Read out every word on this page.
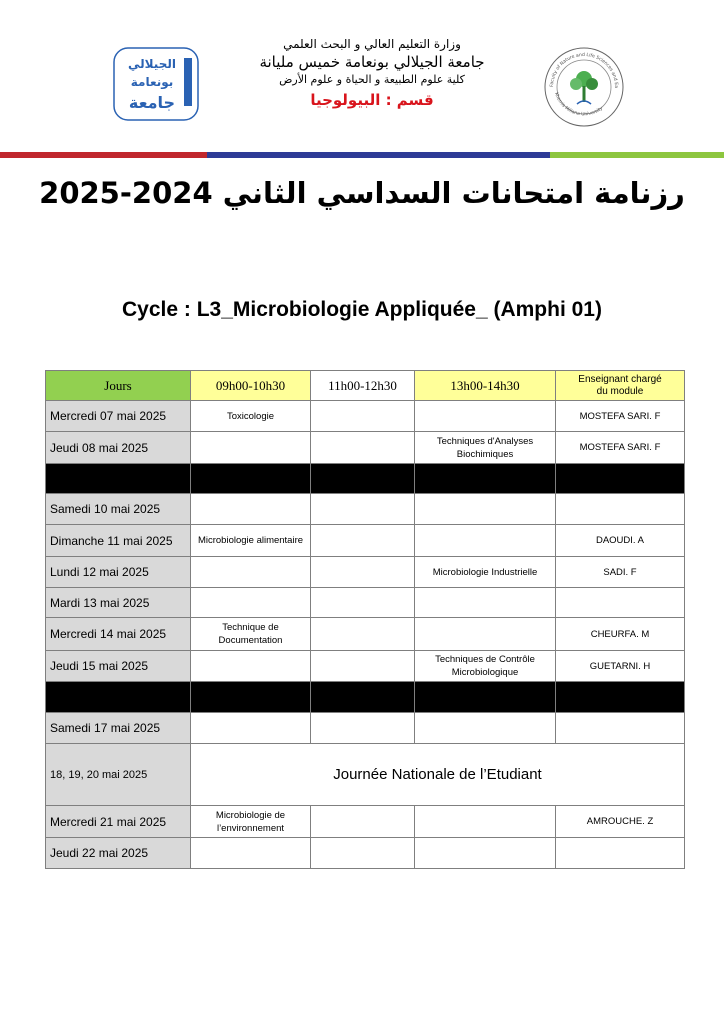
الجيلالي
بونعامة
جامعة
وزارة التعليم العالي و البحث العلمي
جامعة الجيلالي بونعامة خميس مليانة
كلية علوم الطبيعة و الحياة و علوم الأرض
قسم : البيولوجيا
Faculty of Nature and Life Sciences and Ea
Khemis Miliana University
رزنامة امتحانات السداسي الثاني 2024-2025
Cycle : L3_Microbiologie Appliquée_ (Amphi 01)
Jours	09h00-10h30	11h00-12h30	13h00-14h30	Enseignant chargé
du module
Mercredi 07 mai 2025	Toxicologie			MOSTEFA SARI. F
Jeudi 08 mai 2025			Techniques d'Analyses Biochimiques	MOSTEFA SARI. F

Samedi 10 mai 2025				
Dimanche 11 mai 2025	Microbiologie alimentaire			DAOUDI. A
Lundi 12 mai 2025			Microbiologie Industrielle	SADI. F
Mardi 13 mai 2025				
Mercredi 14 mai 2025	Technique de Documentation			CHEURFA. M
Jeudi 15 mai 2025			Techniques de Contrôle Microbiologique	GUETARNI. H

Samedi 17 mai 2025				
18, 19, 20 mai 2025	Journée Nationale de l’Etudiant			
Mercredi 21 mai 2025	Microbiologie de l’environnement			AMROUCHE. Z
Jeudi 22 mai 2025				
